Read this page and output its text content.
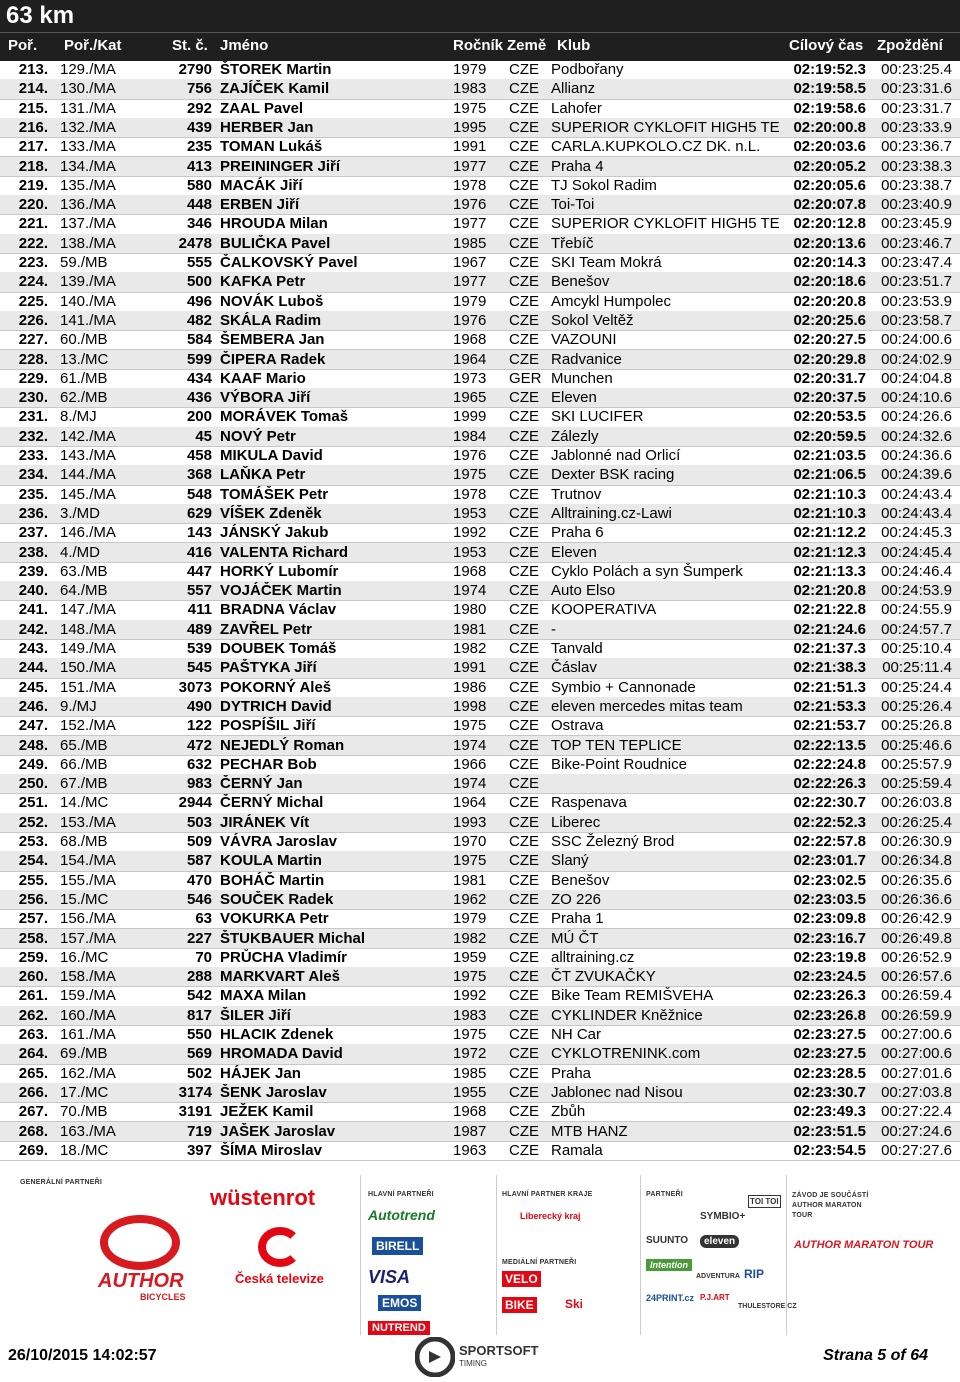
63 km
Poř. Poř./Kat	St. č. Jméno	Ročník Země Klub	Cílový čas Zpoždění
213. 129./MA	2790 ŠTOREK Martin	1979	CZE Podbořany	02:19:52.3	00:23:25.4
214. 130./MA	756 ZAJÍČEK Kamil	1983	CZE Allianz	02:19:58.5	00:23:31.6
215. 131./MA	292 ZAAL Pavel	1975	CZE Lahofer	02:19:58.6	00:23:31.7
216. 132./MA	439 HERBER Jan	1995	CZE SUPERIOR CYKLOFIT HIGH5 TE 02:20:00.8	00:23:33.9
217. 133./MA	235 TOMAN Lukáš	1991	CZE CARLA.KUPKOLO.CZ DK. n.L.	02:20:03.6	00:23:36.7
218. 134./MA	413 PREININGER Jiří	1977	CZE Praha 4	02:20:05.2	00:23:38.3
219. 135./MA	580 MACÁK Jiří	1978	CZE TJ Sokol Radim	02:20:05.6	00:23:38.7
220. 136./MA	448 ERBEN Jiří	1976	CZE Toi-Toi	02:20:07.8	00:23:40.9
221. 137./MA	346 HROUDA Milan	1977	CZE SUPERIOR CYKLOFIT HIGH5 TE 02:20:12.8	00:23:45.9
222. 138./MA	2478 BULIČKA Pavel	1985	CZE Třebíč	02:20:13.6	00:23:46.7
223. 59./MB	555 ČALKOVSKÝ Pavel	1967	CZE SKI Team Mokrá	02:20:14.3	00:23:47.4
224. 139./MA	500 KAFKA Petr	1977	CZE Benešov	02:20:18.6	00:23:51.7
225. 140./MA	496 NOVÁK Luboš	1979	CZE Amcykl Humpolec	02:20:20.8	00:23:53.9
226. 141./MA	482 SKÁLA Radim	1976	CZE Sokol Veltěž	02:20:25.6	00:23:58.7
227. 60./MB	584 ŠEMBERA Jan	1968	CZE VAZOUNI	02:20:27.5	00:24:00.6
228. 13./MC	599 ČIPERA Radek	1964	CZE Radvanice	02:20:29.8	00:24:02.9
229. 61./MB	434 KAAF Mario	1973	GER Munchen	02:20:31.7	00:24:04.8
230. 62./MB	436 VÝBORA Jiří	1965	CZE Eleven	02:20:37.5	00:24:10.6
231. 8./MJ	200 MORÁVEK Tomaš	1999	CZE SKI LUCIFER	02:20:53.5	00:24:26.6
232. 142./MA	45 NOVÝ Petr	1984	CZE Zálezly	02:20:59.5	00:24:32.6
233. 143./MA	458 MIKULA David	1976	CZE Jablonné nad Orlicí	02:21:03.5	00:24:36.6
234. 144./MA	368 LAŇKA Petr	1975	CZE Dexter BSK racing	02:21:06.5	00:24:39.6
235. 145./MA	548 TOMÁŠEK Petr	1978	CZE Trutnov	02:21:10.3	00:24:43.4
236. 3./MD	629 VÍŠEK Zdeněk	1953	CZE Alltraining.cz-Lawi	02:21:10.3	00:24:43.4
237. 146./MA	143 JÁNSKÝ Jakub	1992	CZE Praha 6	02:21:12.2	00:24:45.3
238. 4./MD	416 VALENTA Richard	1953	CZE Eleven	02:21:12.3	00:24:45.4
239. 63./MB	447 HORKÝ Lubomír	1968	CZE Cyklo Polách a syn Šumperk	02:21:13.3	00:24:46.4
240. 64./MB	557 VOJÁČEK Martin	1974	CZE Auto Elso	02:21:20.8	00:24:53.9
241. 147./MA	411 BRADNA Václav	1980	CZE KOOPERATIVA	02:21:22.8	00:24:55.9
242. 148./MA	489 ZAVŘEL Petr	1981	CZE -	02:21:24.6	00:24:57.7
243. 149./MA	539 DOUBEK Tomáš	1982	CZE Tanvald	02:21:37.3	00:25:10.4
244. 150./MA	545 PAŠTYKA Jiří	1991	CZE Čáslav	02:21:38.3	00:25:11.4
245. 151./MA	3073 POKORNÝ Aleš	1986	CZE Symbio + Cannonade	02:21:51.3	00:25:24.4
246. 9./MJ	490 DYTRICH David	1998	CZE eleven mercedes mitas team	02:21:53.3	00:25:26.4
247. 152./MA	122 POSPÍŠIL Jiří	1975	CZE Ostrava	02:21:53.7	00:25:26.8
248. 65./MB	472 NEJEDLÝ Roman	1974	CZE TOP TEN TEPLICE	02:22:13.5	00:25:46.6
249. 66./MB	632 PECHAR Bob	1966	CZE Bike-Point Roudnice	02:22:24.8	00:25:57.9
250. 67./MB	983 ČERNÝ Jan	1974	CZE	02:22:26.3	00:25:59.4
251. 14./MC	2944 ČERNÝ Michal	1964	CZE Raspenava	02:22:30.7	00:26:03.8
252. 153./MA	503 JIRÁNEK Vít	1993	CZE Liberec	02:22:52.3	00:26:25.4
253. 68./MB	509 VÁVRA Jaroslav	1970	CZE SSC Železný Brod	02:22:57.8	00:26:30.9
254. 154./MA	587 KOULA Martin	1975	CZE Slaný	02:23:01.7	00:26:34.8
255. 155./MA	470 BOHÁČ Martin	1981	CZE Benešov	02:23:02.5	00:26:35.6
256. 15./MC	546 SOUČEK Radek	1962	CZE ZO 226	02:23:03.5	00:26:36.6
257. 156./MA	63 VOKURKA Petr	1979	CZE Praha 1	02:23:09.8	00:26:42.9
258. 157./MA	227 ŠTUKBAUER Michal	1982	CZE MÚ ČT	02:23:16.7	00:26:49.8
259. 16./MC	70 PRŮCHA Vladimír	1959	CZE alltraining.cz	02:23:19.8	00:26:52.9
260. 158./MA	288 MARKVART Aleš	1975	CZE ČT ZVUKAČKY	02:23:24.5	00:26:57.6
261. 159./MA	542 MAXA Milan	1992	CZE Bike Team REMIŠVEHA	02:23:26.3	00:26:59.4
262. 160./MA	817 ŠILER Jiří	1983	CZE CYKLINDER Kněžnice	02:23:26.8	00:26:59.9
263. 161./MA	550 HLACIK Zdenek	1975	CZE NH Car	02:23:27.5	00:27:00.6
264. 69./MB	569 HROMADA David	1972	CZE CYKLOTRENINK.com	02:23:27.5	00:27:00.6
265. 162./MA	502 HÁJEK Jan	1985	CZE Praha	02:23:28.5	00:27:01.6
266. 17./MC	3174 ŠENK Jaroslav	1955	CZE Jablonec nad Nisou	02:23:30.7	00:27:03.8
267. 70./MB	3191 JEŽEK Kamil	1968	CZE Zbůh	02:23:49.3	00:27:22.4
268. 163./MA	719 JAŠEK Jaroslav	1987	CZE MTB HANZ	02:23:51.5	00:27:24.6
269. 18./MC	397 ŠÍMA Miroslav	1963	CZE Ramala	02:23:54.5	00:27:27.6
GENERÁLNÍ PARTNEŘI
AUTHOR
BICYCLES
wüstenrot
Česká televize
HLAVNÍ PARTNEŘI
Autotrend
BIRELL
VISA
EMOS
NUTREND
HLAVNÍ PARTNER KRAJE
Liberecký kraj
MEDIÁLNÍ PARTNEŘI
VELO
BIKE	Ski
PARTNEŘI
SYMBIO+
TOI TOI
SUUNTO	eleven
Intention
ADVENTURA RIP
24PRINT.cz P.J.ART
THULESTORE.CZ
ZÁVOD JE SOUČÁSTÍ AUTHOR MARATON TOUR
AUTHOR MARATON TOUR
26/10/2015 14:02:57	SPORTSOFT
TIMING	Strana 5 of 64
